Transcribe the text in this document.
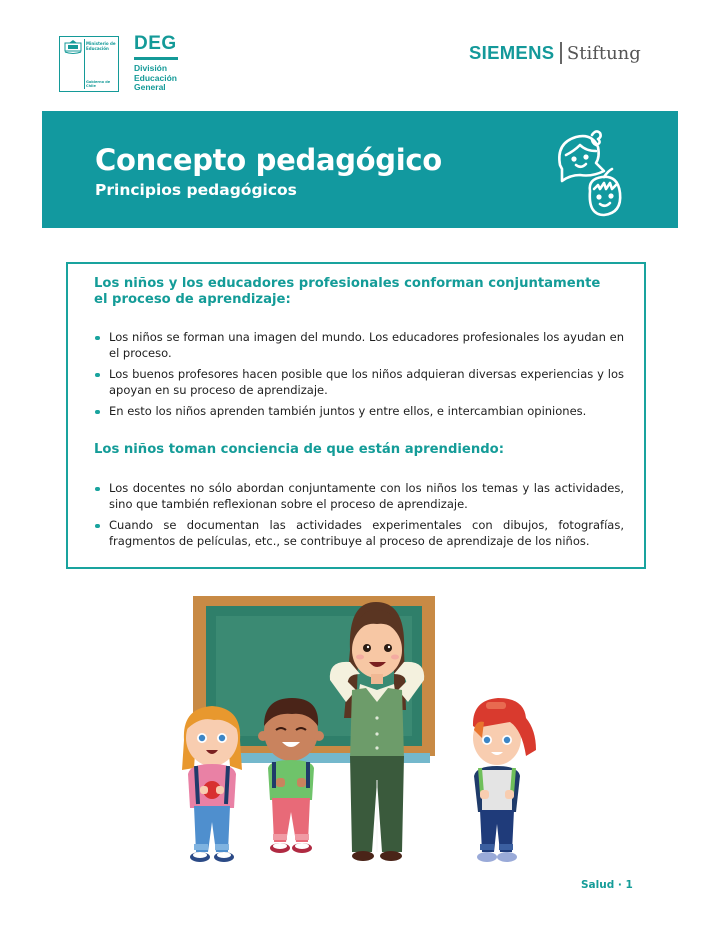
Ministerio de Educación
Gobierno de Chile
DEG
División
Educación
General
SIEMENS Stiftung
Concepto pedagógico
Principios pedagógicos
Los niños y los educadores profesionales conforman conjuntamente el proceso de aprendizaje:
Los niños se forman una imagen del mundo. Los educadores profesionales los ayudan en el proceso.
Los buenos profesores hacen posible que los niños adquieran diversas experiencias y los apoyan en su proceso de aprendizaje.
En esto los niños aprenden también juntos y entre ellos, e intercambian opiniones.
Los niños toman conciencia de que están aprendiendo:
Los docentes no sólo abordan conjuntamente con los niños los temas y las actividades, sino que también reflexionan sobre el proceso de aprendizaje.
Cuando se documentan las actividades experimentales con dibujos, fotografías, fragmentos de películas, etc., se contribuye al proceso de aprendizaje de los niños.
Salud · 1
